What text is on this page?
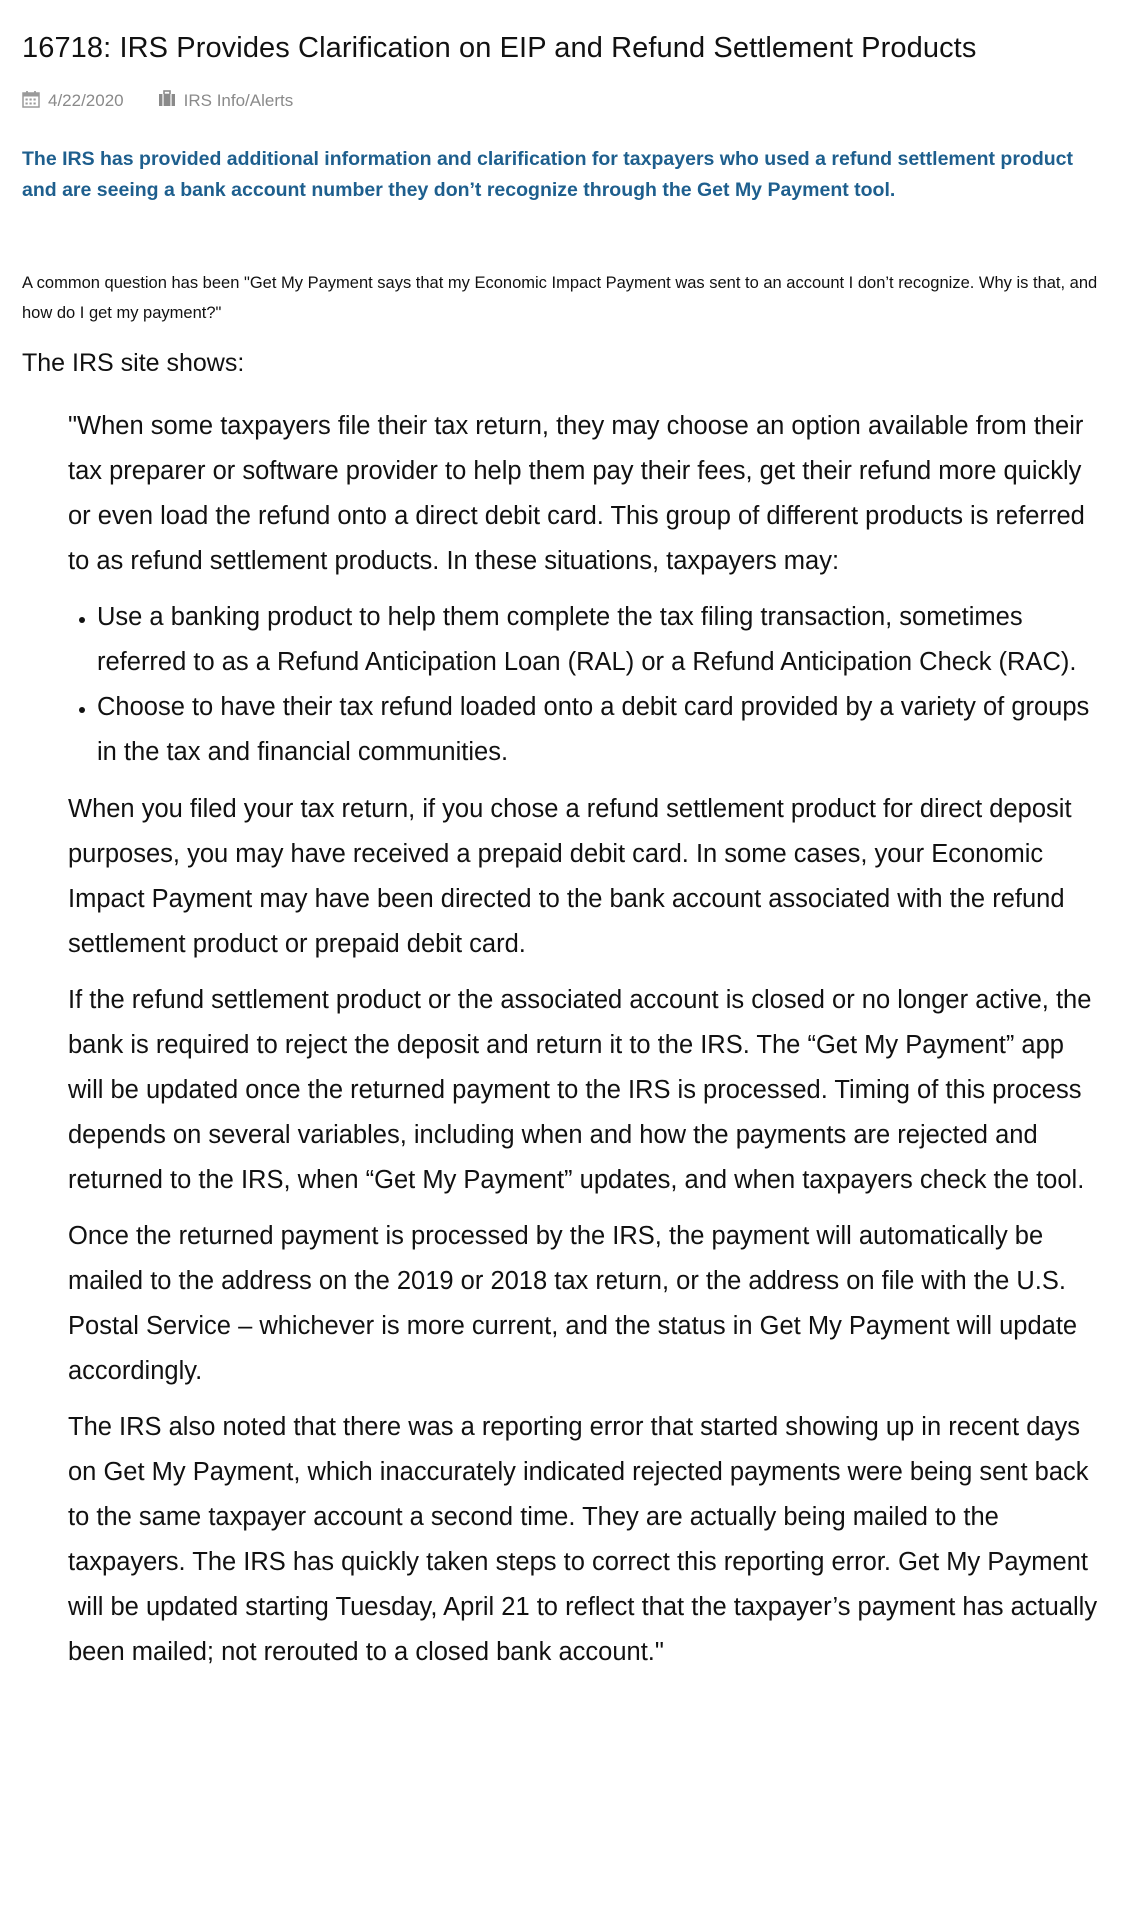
16718: IRS Provides Clarification on EIP and Refund Settlement Products
4/22/2020	IRS Info/Alerts
The IRS has provided additional information and clarification for taxpayers who used a refund settlement product and are seeing a bank account number they don’t recognize through the Get My Payment tool.
A common question has been "Get My Payment says that my Economic Impact Payment was sent to an account I don’t recognize. Why is that, and how do I get my payment?"
The IRS site shows:

"When some taxpayers file their tax return, they may choose an option available from their tax preparer or software provider to help them pay their fees, get their refund more quickly or even load the refund onto a direct debit card. This group of different products is referred to as refund settlement products. In these situations, taxpayers may:

• Use a banking product to help them complete the tax filing transaction, sometimes referred to as a Refund Anticipation Loan (RAL) or a Refund Anticipation Check (RAC).
• Choose to have their tax refund loaded onto a debit card provided by a variety of groups in the tax and financial communities.

When you filed your tax return, if you chose a refund settlement product for direct deposit purposes, you may have received a prepaid debit card. In some cases, your Economic Impact Payment may have been directed to the bank account associated with the refund settlement product or prepaid debit card.

If the refund settlement product or the associated account is closed or no longer active, the bank is required to reject the deposit and return it to the IRS. The “Get My Payment” app will be updated once the returned payment to the IRS is processed. Timing of this process depends on several variables, including when and how the payments are rejected and returned to the IRS, when “Get My Payment” updates, and when taxpayers check the tool.

Once the returned payment is processed by the IRS, the payment will automatically be mailed to the address on the 2019 or 2018 tax return, or the address on file with the U.S. Postal Service – whichever is more current, and the status in Get My Payment will update accordingly.

The IRS also noted that there was a reporting error that started showing up in recent days on Get My Payment, which inaccurately indicated rejected payments were being sent back to the same taxpayer account a second time. They are actually being mailed to the taxpayers. The IRS has quickly taken steps to correct this reporting error. Get My Payment will be updated starting Tuesday, April 21 to reflect that the taxpayer’s payment has actually been mailed; not rerouted to a closed bank account."
